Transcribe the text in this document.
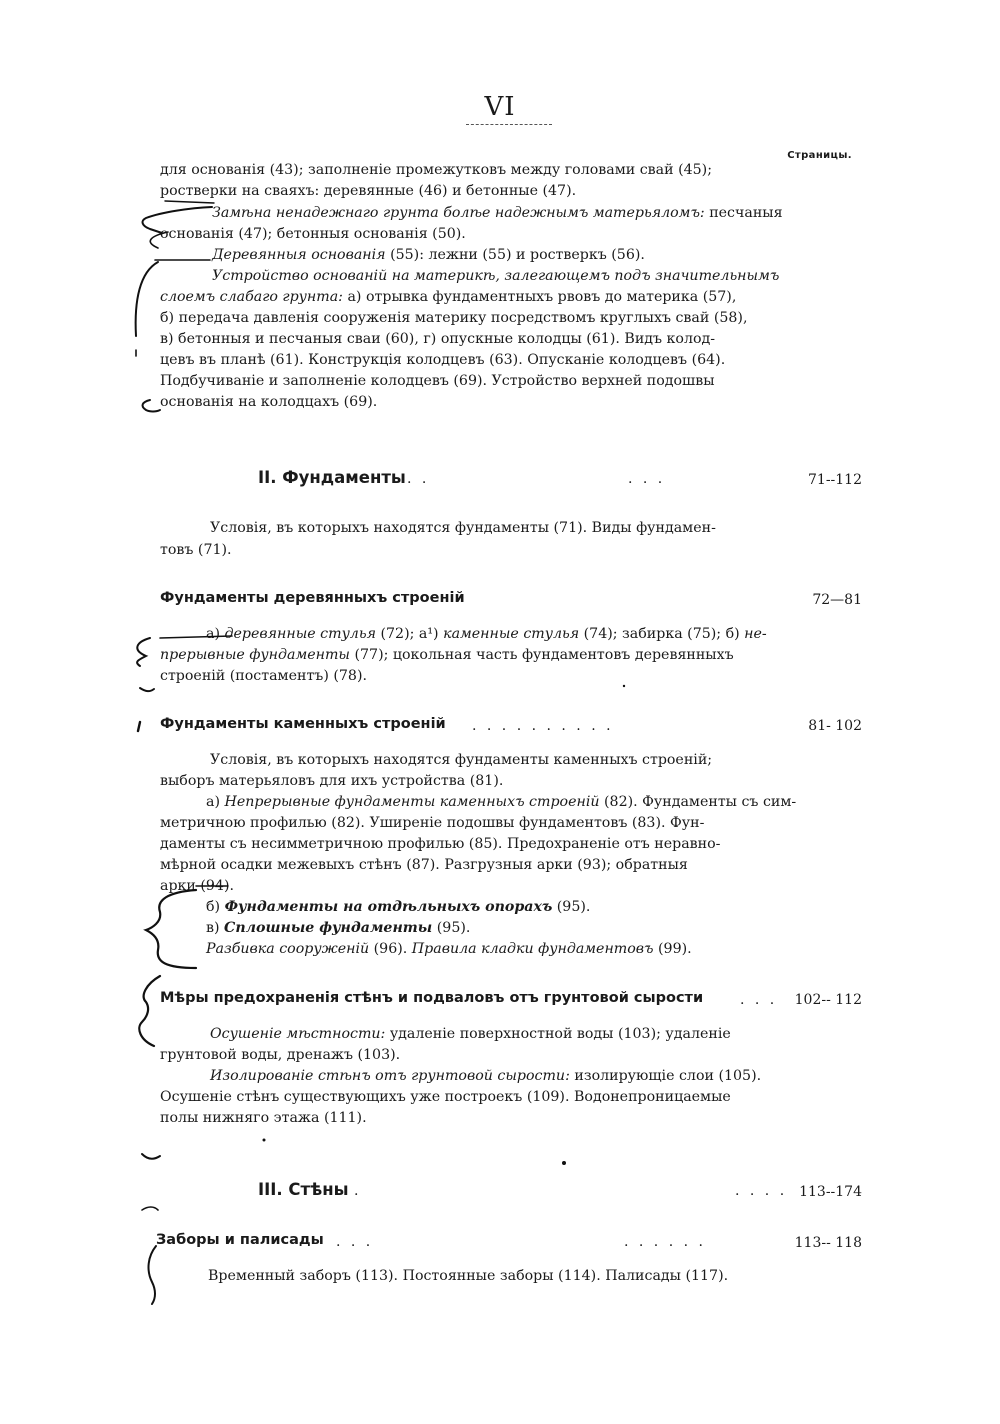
VI
Страницы.
для основанія (43); заполненіе промежутковъ между головами свай (45);
ростверки на сваяхъ: деревянные (46) и бетонные (47).
Замѣна ненадежнаго грунта болѣе надежнымъ матерьяломъ: песчаныя
основанія (47); бетонныя основанія (50).
Деревянныя основанія (55): лежни (55) и ростверкъ (56).
Устройство основаній на материкѣ, залегающемъ подъ значительнымъ
слоемъ слабаго грунта: а) отрывка фундаментныхъ рвовъ до материка (57),
б) передача давленія сооруженія материку посредствомъ круглыхъ свай (58),
в) бетонныя и песчаныя сваи (60), г) опускные колодцы (61). Видъ колод-
цевъ въ планѣ (61). Конструкція колодцевъ (63). Опусканіе колодцевъ (64).
Подбучиваніе и заполненіе колодцевъ (69). Устройство верхней подошвы
основанія на колодцахъ (69).
II. Фундаменты . .	. . .	71--112
Условія, въ которыхъ находятся фундаменты (71). Виды фундамен-
товъ (71).
Фундаменты деревянныхъ строеній	72—81
а) деревянные стулья (72); а¹) каменные стулья (74); забирка (75); б) не-
прерывные фундаменты (77); цокольная часть фундаментовъ деревянныхъ
строеній (постаментъ) (78).
Фундаменты каменныхъ строеній . . . . . . . . . .	81- 102
Условія, въ которыхъ находятся фундаменты каменныхъ строеній;
выборъ матерьяловъ для ихъ устройства (81).
а) Непрерывные фундаменты каменныхъ строеній (82). Фундаменты съ сим-
метричною профилью (82). Уширеніе подошвы фундаментовъ (83). Фун-
даменты съ несимметричною профилью (85). Предохраненіе отъ неравно-
мѣрной осадки межевыхъ стѣнъ (87). Разгрузныя арки (93); обратныя
арки (94).
б) Фундаменты на отдѣльныхъ опорахъ (95).
в) Сплошные фундаменты (95).
Разбивка сооруженій (96). Правила кладки фундаментовъ (99).
Мѣры предохраненія стѣнъ и подваловъ отъ грунтовой сырости	. . . 102-- 112
Осушеніе мѣстности: удаленіе поверхностной воды (103); удаленіе
грунтовой воды, дренажъ (103).
Изолированіе стѣнъ отъ грунтовой сырости: изолирующіе слои (105).
Осушеніе стѣнъ существующихъ уже построекъ (109). Водонепроницаемые
полы нижняго этажа (111).
III. Стѣны .	. . . . 113--174
Заборы и палисады . . .	. . . . . .	113-- 118
Временный заборъ (113). Постоянные заборы (114). Палисады (117).
